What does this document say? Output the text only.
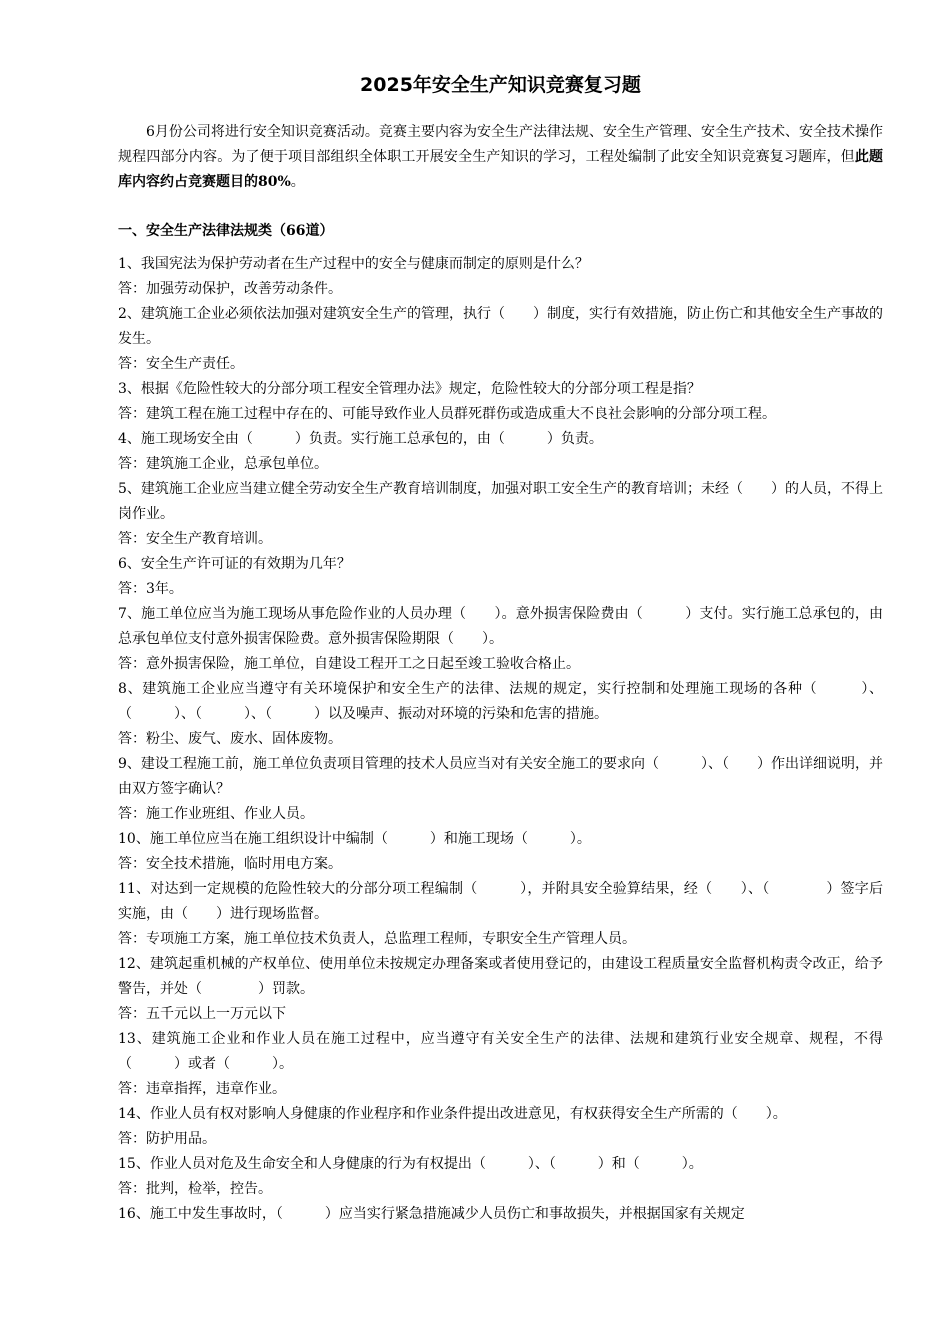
2025年安全生产知识竞赛复习题

6月份公司将进行安全知识竞赛活动。竞赛主要内容为安全生产法律法规、安全生产管理、安全生产技术、安全技术操作规程四部分内容。为了便于项目部组织全体职工开展安全生产知识的学习，工程处编制了此安全知识竞赛复习题库，但此题库内容约占竞赛题目的80%。

一、安全生产法律法规类（66道）

1、我国宪法为保护劳动者在生产过程中的安全与健康而制定的原则是什么？

答：加强劳动保护，改善劳动条件。

2、建筑施工企业必须依法加强对建筑安全生产的管理，执行（　　）制度，实行有效措施，防止伤亡和其他安全生产事故的发生。

答：安全生产责任。

3、根据《危险性较大的分部分项工程安全管理办法》规定，危险性较大的分部分项工程是指？

答：建筑工程在施工过程中存在的、可能导致作业人员群死群伤或造成重大不良社会影响的分部分项工程。

4、施工现场安全由（　　　）负责。实行施工总承包的，由（　　　）负责。

答：建筑施工企业，总承包单位。

5、建筑施工企业应当建立健全劳动安全生产教育培训制度，加强对职工安全生产的教育培训；未经（　　）的人员，不得上岗作业。

答：安全生产教育培训。

6、安全生产许可证的有效期为几年？

答：3年。

7、施工单位应当为施工现场从事危险作业的人员办理（　　）。意外损害保险费由（　　　）支付。实行施工总承包的，由总承包单位支付意外损害保险费。意外损害保险期限（　　）。

答：意外损害保险，施工单位，自建设工程开工之日起至竣工验收合格止。

8、建筑施工企业应当遵守有关环境保护和安全生产的法律、法规的规定，实行控制和处理施工现场的各种（　　　）、（　　　）、（　　　）、（　　　）以及噪声、振动对环境的污染和危害的措施。

答：粉尘、废气、废水、固体废物。

9、建设工程施工前，施工单位负责项目管理的技术人员应当对有关安全施工的要求向（　　　）、（　　）作出详细说明，并由双方签字确认？

答：施工作业班组、作业人员。

10、施工单位应当在施工组织设计中编制（　　　）和施工现场（　　　）。

答：安全技术措施，临时用电方案。

11、对达到一定规模的危险性较大的分部分项工程编制（　　　），并附具安全验算结果，经（　　）、（　　　　）签字后实施，由（　　）进行现场监督。

答：专项施工方案，施工单位技术负责人，总监理工程师，专职安全生产管理人员。

12、建筑起重机械的产权单位、使用单位未按规定办理备案或者使用登记的，由建设工程质量安全监督机构责令改正，给予警告，并处（　　　　）罚款。

答：五千元以上一万元以下

13、建筑施工企业和作业人员在施工过程中，应当遵守有关安全生产的法律、法规和建筑行业安全规章、规程，不得（　　　）或者（　　　）。

答：违章指挥，违章作业。

14、作业人员有权对影响人身健康的作业程序和作业条件提出改进意见，有权获得安全生产所需的（　　）。

答：防护用品。

15、作业人员对危及生命安全和人身健康的行为有权提出（　　　）、（　　　）和（　　　）。

答：批判，检举，控告。

16、施工中发生事故时，（　　　）应当实行紧急措施减少人员伤亡和事故损失，并根据国家有关规定
